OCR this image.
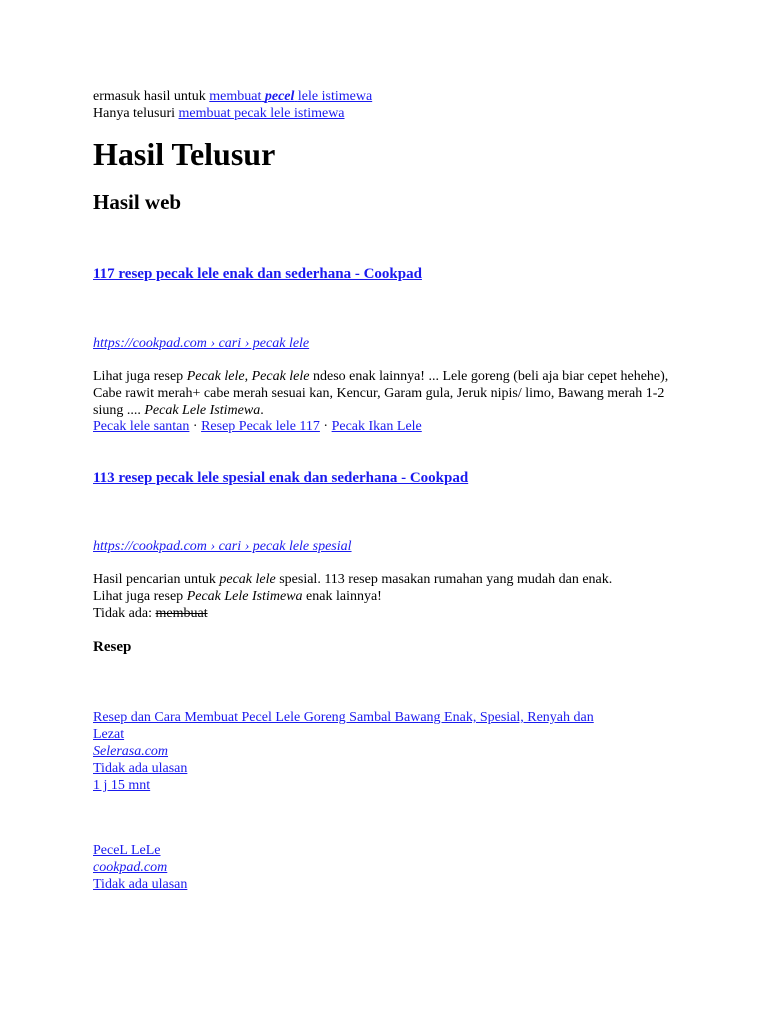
ermasuk hasil untuk membuat pecel lele istimewa
Hanya telusuri membuat pecak lele istimewa
Hasil Telusur
Hasil web
117 resep pecak lele enak dan sederhana - Cookpad
https://cookpad.com › cari › pecak lele
Lihat juga resep Pecak lele, Pecak lele ndeso enak lainnya! ... Lele goreng (beli aja biar cepet hehehe), Cabe rawit merah+ cabe merah sesuai kan, Kencur, Garam gula, Jeruk nipis/ limo, Bawang merah 1-2 siung .... Pecak Lele Istimewa.
Pecak lele santan · Resep Pecak lele 117 · Pecak Ikan Lele
113 resep pecak lele spesial enak dan sederhana - Cookpad
https://cookpad.com › cari › pecak lele spesial
Hasil pencarian untuk pecak lele spesial. 113 resep masakan rumahan yang mudah dan enak.
Lihat juga resep Pecak Lele Istimewa enak lainnya!
Tidak ada: membuat
Resep
Resep dan Cara Membuat Pecel Lele Goreng Sambal Bawang Enak, Spesial, Renyah dan
Lezat
Selerasa.com
Tidak ada ulasan
1 j 15 mnt
PeceL LeLe
cookpad.com
Tidak ada ulasan
